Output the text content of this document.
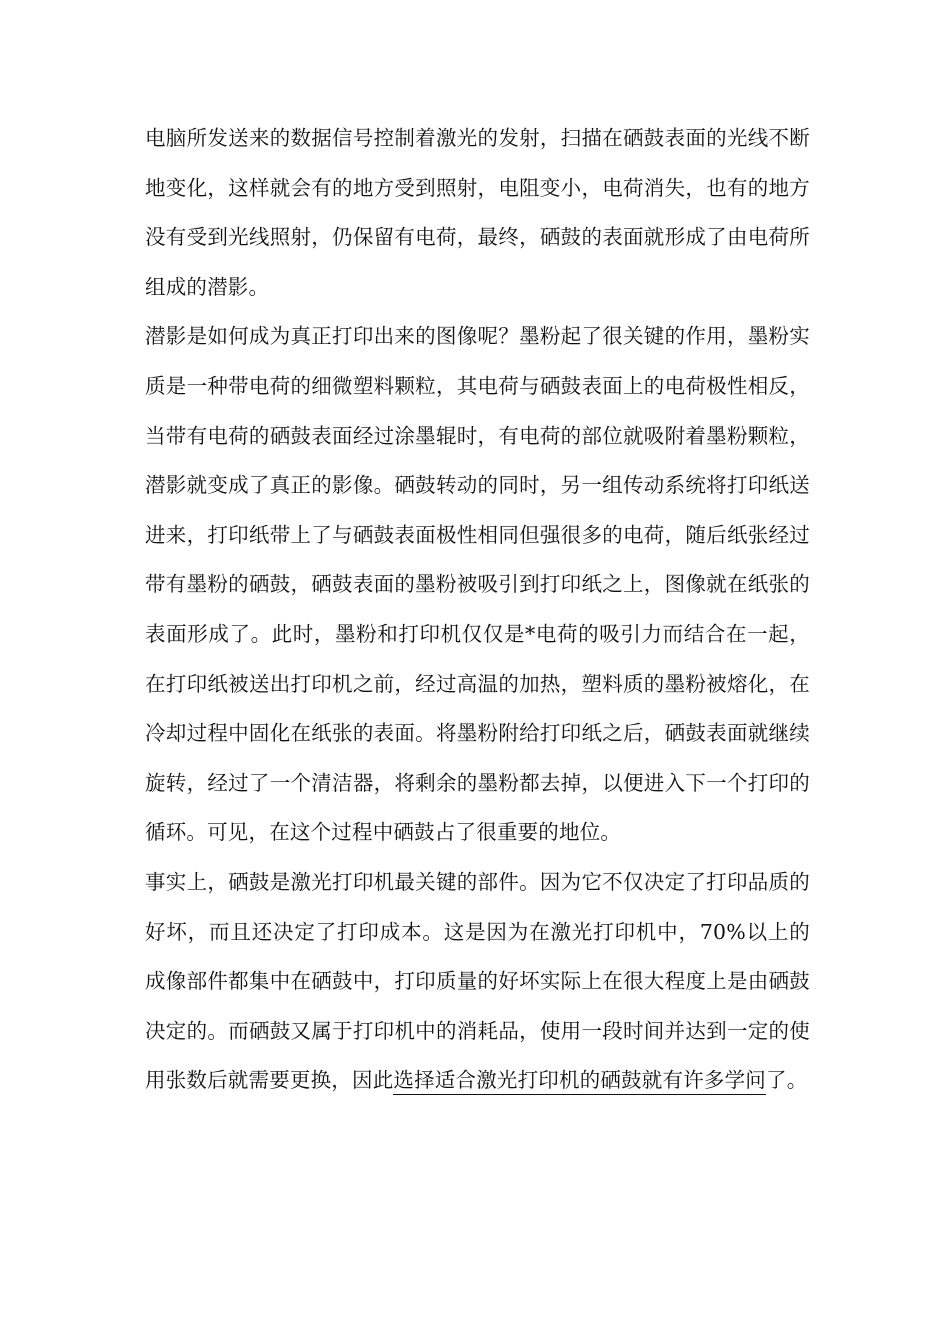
电脑所发送来的数据信号控制着激光的发射，扫描在硒鼓表面的光线不断地变化，这样就会有的地方受到照射，电阻变小，电荷消失，也有的地方没有受到光线照射，仍保留有电荷，最终，硒鼓的表面就形成了由电荷所组成的潜影。

潜影是如何成为真正打印出来的图像呢？墨粉起了很关键的作用，墨粉实质是一种带电荷的细微塑料颗粒，其电荷与硒鼓表面上的电荷极性相反，当带有电荷的硒鼓表面经过涂墨辊时，有电荷的部位就吸附着墨粉颗粒，潜影就变成了真正的影像。硒鼓转动的同时，另一组传动系统将打印纸送进来，打印纸带上了与硒鼓表面极性相同但强很多的电荷，随后纸张经过带有墨粉的硒鼓，硒鼓表面的墨粉被吸引到打印纸之上，图像就在纸张的表面形成了。此时，墨粉和打印机仅仅是*电荷的吸引力而结合在一起，在打印纸被送出打印机之前，经过高温的加热，塑料质的墨粉被熔化，在冷却过程中固化在纸张的表面。将墨粉附给打印纸之后，硒鼓表面就继续旋转，经过了一个清洁器，将剩余的墨粉都去掉，以便进入下一个打印的循环。可见，在这个过程中硒鼓占了很重要的地位。

事实上，硒鼓是激光打印机最关键的部件。因为它不仅决定了打印品质的好坏，而且还决定了打印成本。这是因为在激光打印机中，70%以上的成像部件都集中在硒鼓中，打印质量的好坏实际上在很大程度上是由硒鼓决定的。而硒鼓又属于打印机中的消耗品，使用一段时间并达到一定的使用张数后就需要更换，因此选择适合激光打印机的硒鼓就有许多学问了。
